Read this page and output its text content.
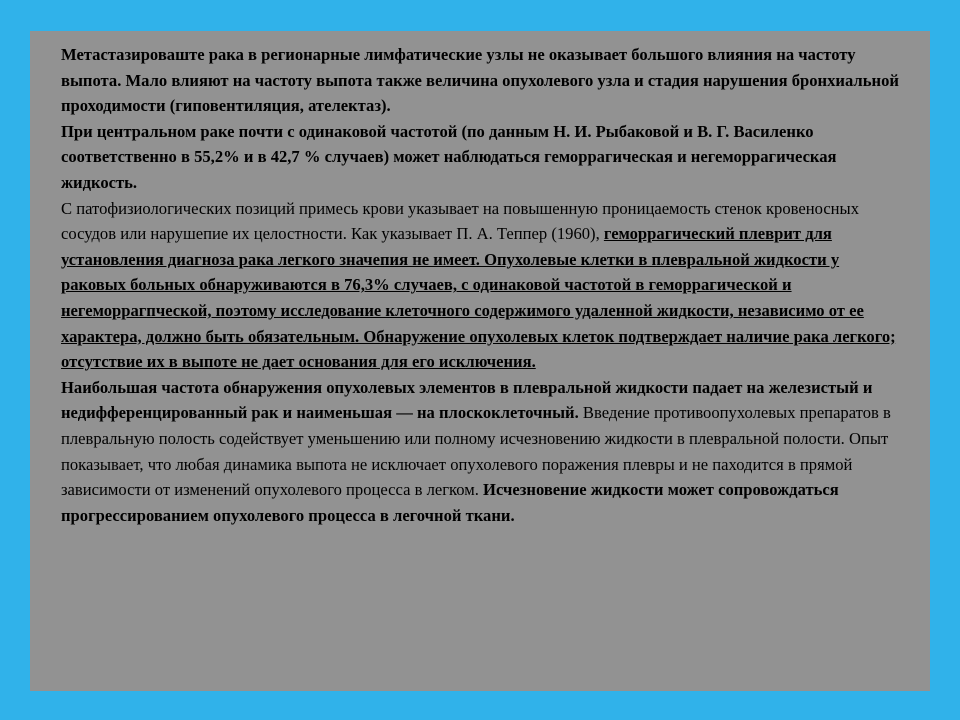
Метастазироваште рака в регионарные лимфатические узлы не оказывает большого влияния на частоту выпота. Мало влияют на частоту выпота также величина опухолевого узла и стадия нарушения бронхиальной проходимости (гиповентиляция, ателектаз).

При центральном раке почти с одинаковой частотой (по данным Н. И. Рыбаковой и В. Г. Василенко соответственно в 55,2% и в 42,7 % случаев) может наблюдаться геморрагическая и негеморрагическая жидкость.

С патофизиологических позиций примесь крови указывает на повышенную проницаемость стенок кровеносных сосудов или нарушепие их целостности. Как указывает П. А. Теппер (1960), геморрагический плеврит для установления диагноза рака легкого значепия не имеет. Опухолевые клетки в плевральной жидкости у раковых больных обнаруживаются в 76,3% случаев, с одинаковой частотой в геморрагической и негеморрагпческой, поэтому исследование клеточного содержимого удаленной жидкости, независимо от ее характера, должно быть обязательным. Обнаружение опухолевых клеток подтверждает наличие рака легкого; отсутствие их в выпоте не дает основания для его исключения.

Наибольшая частота обнаружения опухолевых элементов в плевральной жидкости падает на железистый и недифференцированный рак и наименьшая — на плоскоклеточный. Введение противоопухолевых препаратов в плевральную полость содействует уменьшению или полному исчезновению жидкости в плевральной полости. Опыт показывает, что любая динамика выпота не исключает опухолевого поражения плевры и не паходится в прямой зависимости от изменений опухолевого процесса в легком. Исчезновение жидкости может сопровождаться прогрессированием опухолевого процесса в легочной ткани.
